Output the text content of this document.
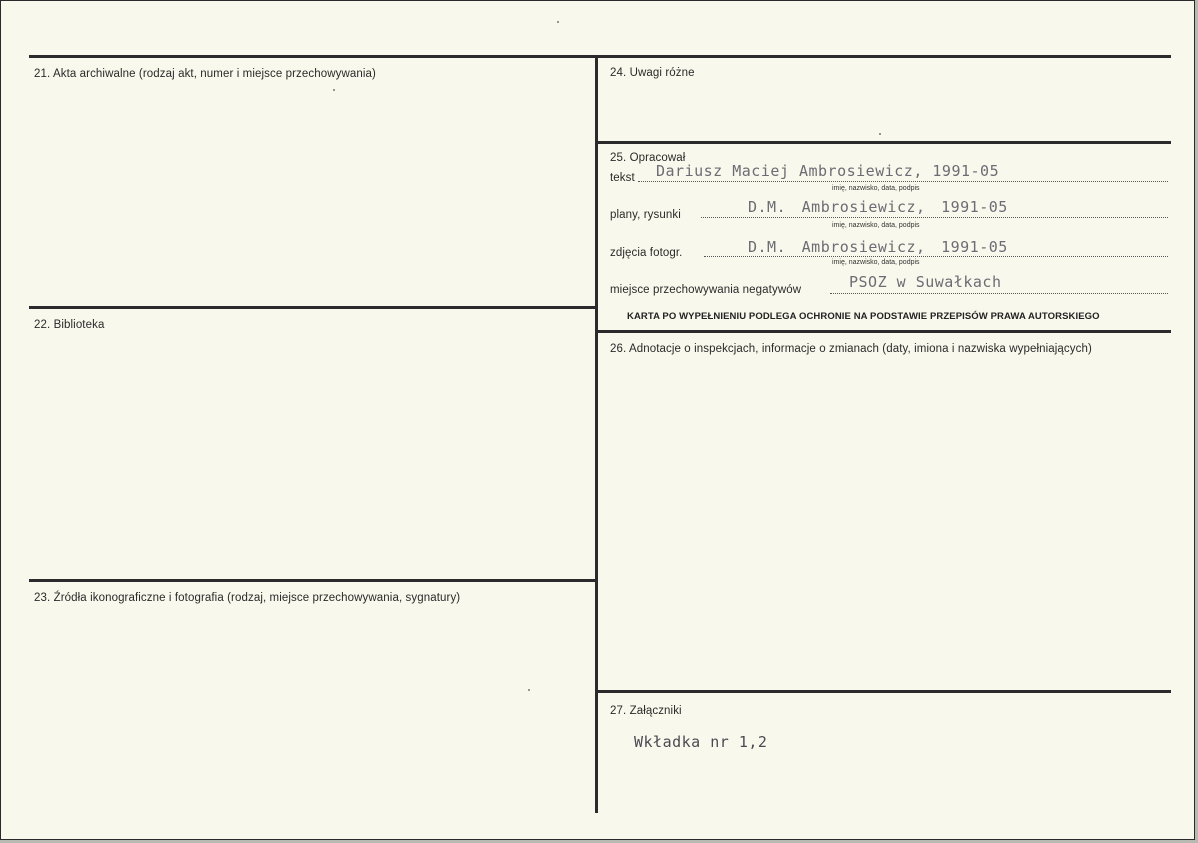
21. Akta archiwalne (rodzaj akt, numer i miejsce przechowywania)
22. Biblioteka
23. Źródła ikonograficzne i fotografia (rodzaj, miejsce przechowywania, sygnatury)
24. Uwagi różne
25. Opracował
tekst Dariusz Maciej Ambrosiewicz, 1991-05
imię, nazwisko, data, podpis
plany, rysunki	D.M. Ambrosiewicz, 1991-05
imię, nazwisko, data, podpis
zdjęcia fotogr.	D.M. Ambrosiewicz, 1991-05
imię, nazwisko, data, podpis
miejsce przechowywania negatywów	PSOZ w Suwałkach
KARTA PO WYPEŁNIENIU PODLEGA OCHRONIE NA PODSTAWIE PRZEPISÓW PRAWA AUTORSKIEGO
26. Adnotacje o inspekcjach, informacje o zmianach (daty, imiona i nazwiska wypełniających)
27. Załączniki
Wkładka nr 1,2
